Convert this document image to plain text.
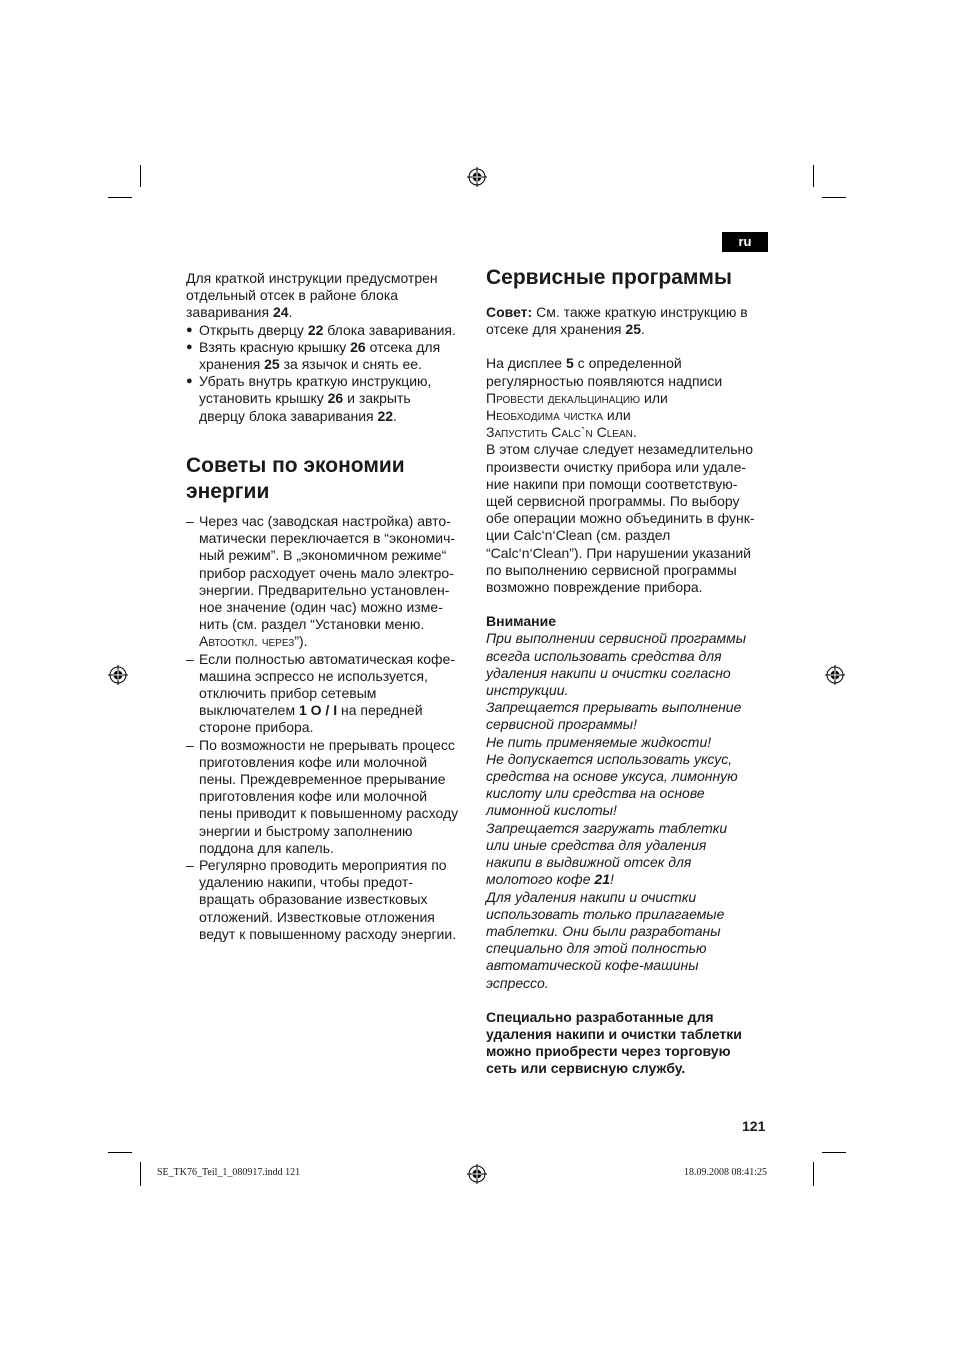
ru

Для краткой инструкции предусмотрен
отдельный отсек в районе блока
заваривания 24.

● Открыть дверцу 22 блока заваривания.
● Взять красную крышку 26 отсека для
хранения 25 за язычок и снять ее.
● Убрать внутрь краткую инструкцию,
установить крышку 26 и закрыть
дверцу блока заваривания 22.
Советы по экономии
энергии
– Через час (заводская настройка) авто-
матически переключается в “экономич-
ный режим”. В „экономичном режиме“
прибор расходует очень мало электро-
энергии. Предварительно установлен-
ное значение (один час) можно изме-
нить (см. раздел “Установки меню.
Автооткл. через”).
– Если полностью автоматическая кофе-
машина эспрессо не используется,
отключить прибор сетевым
выключателем 1 O / I на передней
стороне прибора.
– По возможности не прерывать процесс
приготовления кофе или молочной
пены. Преждевременное прерывание
приготовления кофе или молочной
пены приводит к повышенному расходу
энергии и быстрому заполнению
поддона для капель.
– Регулярно проводить мероприятия по
удалению накипи, чтобы предот-
вращать образование известковых
отложений. Известковые отложения
ведут к повышенному расходу энергии.
Сервисные программы

Совет: См. также краткую инструкцию в
отсеке для хранения 25.

На дисплее 5 с определенной
регулярностью появляются надписи
Провести декальцинацию или
Необходима чистка или
Запустить Calc`n Clean.
В этом случае следует незамедлительно
произвести очистку прибора или удале-
ние накипи при помощи соответствую-
щей сервисной программы. По выбору
обе операции можно объединить в функ-
ции Calc‘n‘Clean (см. раздел
“Calc‘n‘Clean”). При нарушении указаний
по выполнению сервисной программы
возможно повреждение прибора.

Внимание

При выполнении сервисной программы
всегда использовать средства для
удаления накипи и очистки согласно
инструкции.
Запрещается прерывать выполнение
сервисной программы!
Не пить применяемые жидкости!
Не допускается использовать уксус,
средства на основе уксуса, лимонную
кислоту или средства на основе
лимонной кислоты!
Запрещается загружать таблетки
или иные средства для удаления
накипи в выдвижной отсек для
молотого кофе 21!
Для удаления накипи и очистки
использовать только прилагаемые
таблетки. Они были разработаны
специально для этой полностью
автоматической кофе-машины
эспрессо.

Специально разработанные для
удаления накипи и очистки таблетки
можно приобрести через торговую
сеть или сервисную службу.

121
SE_TK76_Teil_1_080917.indd 121	18.09.2008 08:41:25
